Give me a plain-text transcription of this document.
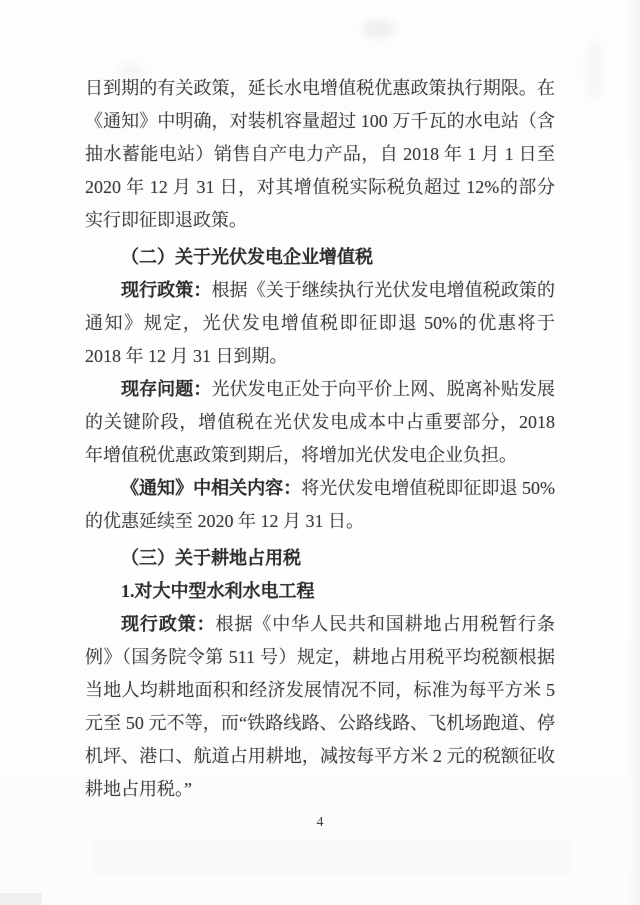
日到期的有关政策，延长水电增值税优惠政策执行期限。在《通知》中明确，对装机容量超过 100 万千瓦的水电站（含抽水蓄能电站）销售自产电力产品，自 2018 年 1 月 1 日至 2020 年 12 月 31 日，对其增值税实际税负超过 12%的部分实行即征即退政策。

（二）关于光伏发电企业增值税

现行政策：根据《关于继续执行光伏发电增值税政策的通知》规定，光伏发电增值税即征即退 50%的优惠将于 2018 年 12 月 31 日到期。

现存问题：光伏发电正处于向平价上网、脱离补贴发展的关键阶段，增值税在光伏发电成本中占重要部分，2018 年增值税优惠政策到期后，将增加光伏发电企业负担。

《通知》中相关内容：将光伏发电增值税即征即退 50%的优惠延续至 2020 年 12 月 31 日。

（三）关于耕地占用税

1.对大中型水利水电工程

现行政策：根据《中华人民共和国耕地占用税暂行条例》（国务院令第 511 号）规定，耕地占用税平均税额根据当地人均耕地面积和经济发展情况不同，标准为每平方米 5 元至 50 元不等，而“铁路线路、公路线路、飞机场跑道、停机坪、港口、航道占用耕地，减按每平方米 2 元的税额征收耕地占用税。”

4
